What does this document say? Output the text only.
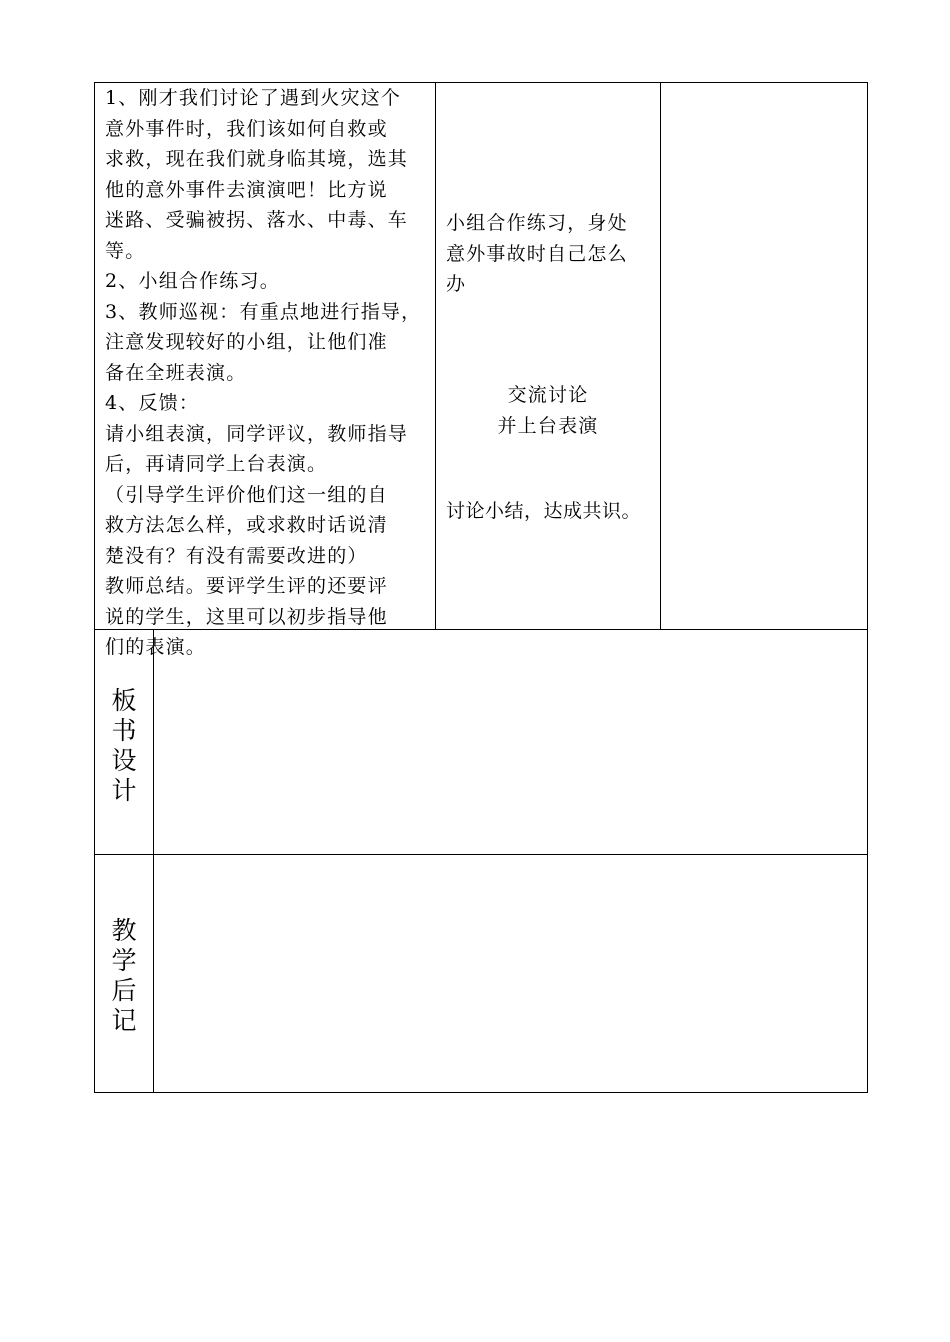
1、刚才我们讨论了遇到火灾这个
意外事件时，我们该如何自救或
求救，现在我们就身临其境，选其
他的意外事件去演演吧！比方说
迷路、受骗被拐、落水、中毒、车
等。
2、小组合作练习。
3、教师巡视：有重点地进行指导，
注意发现较好的小组，让他们准
备在全班表演。
4、反馈：
请小组表演，同学评议，教师指导
后，再请同学上台表演。
（引导学生评价他们这一组的自
救方法怎么样，或求救时话说清
楚没有？有没有需要改进的）
教师总结。要评学生评的还要评
说的学生，这里可以初步指导他
们的表演。
小组合作练习，身处
意外事故时自己怎么
办
交流讨论
并上台表演
讨论小结，达成共识。
板
书
设
计
教
学
后
记
